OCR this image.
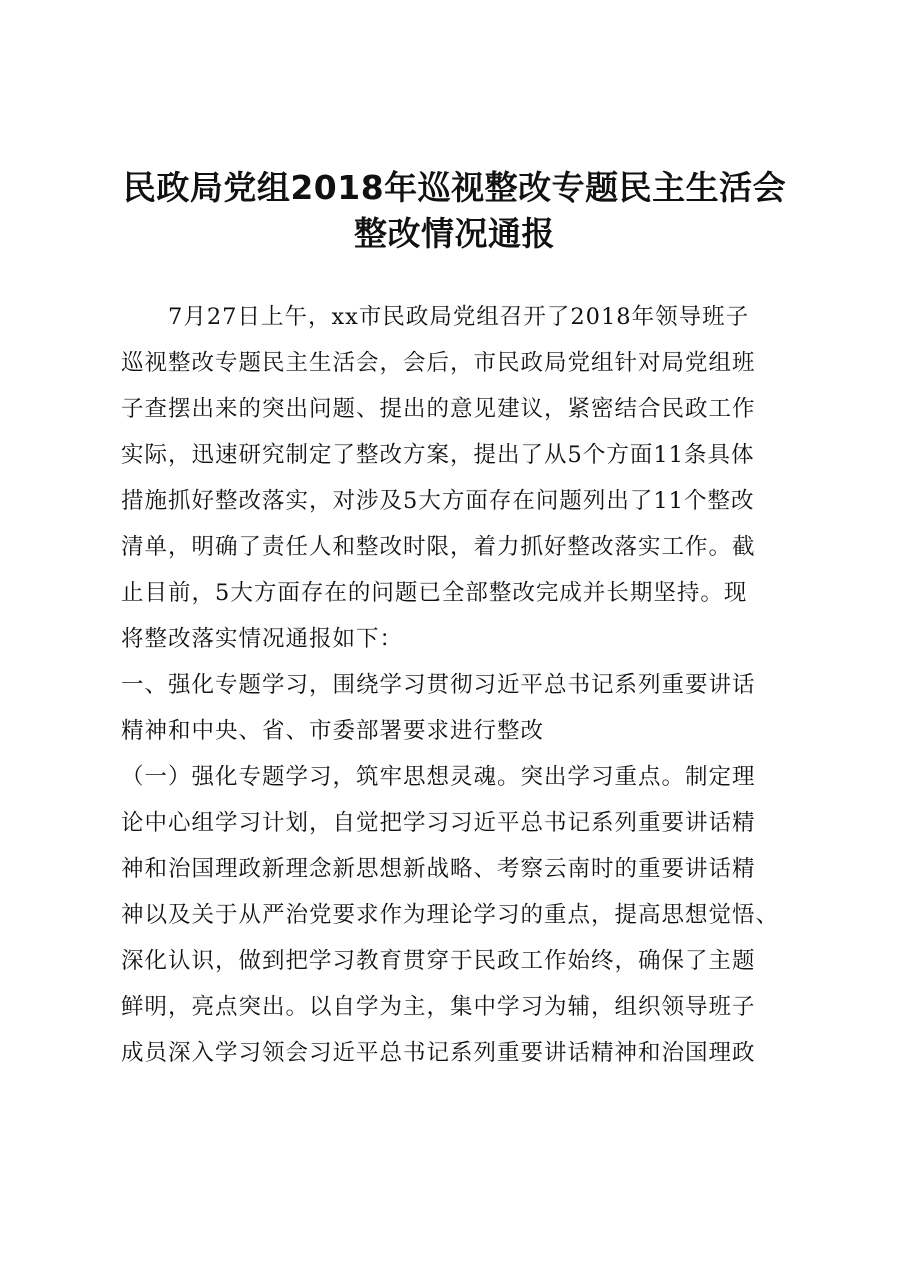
民政局党组2018年巡视整改专题民主生活会
整改情况通报
　　7月27日上午，xx市民政局党组召开了2018年领导班子
巡视整改专题民主生活会，会后，市民政局党组针对局党组班
子查摆出来的突出问题、提出的意见建议，紧密结合民政工作
实际，迅速研究制定了整改方案，提出了从5个方面11条具体
措施抓好整改落实，对涉及5大方面存在问题列出了11个整改
清单，明确了责任人和整改时限，着力抓好整改落实工作。截
止目前，5大方面存在的问题已全部整改完成并长期坚持。现
将整改落实情况通报如下：
一、强化专题学习，围绕学习贯彻习近平总书记系列重要讲话
精神和中央、省、市委部署要求进行整改
（一）强化专题学习，筑牢思想灵魂。突出学习重点。制定理
论中心组学习计划，自觉把学习习近平总书记系列重要讲话精
神和治国理政新理念新思想新战略、考察云南时的重要讲话精
神以及关于从严治党要求作为理论学习的重点，提高思想觉悟、
深化认识，做到把学习教育贯穿于民政工作始终，确保了主题
鲜明，亮点突出。以自学为主，集中学习为辅，组织领导班子
成员深入学习领会习近平总书记系列重要讲话精神和治国理政
